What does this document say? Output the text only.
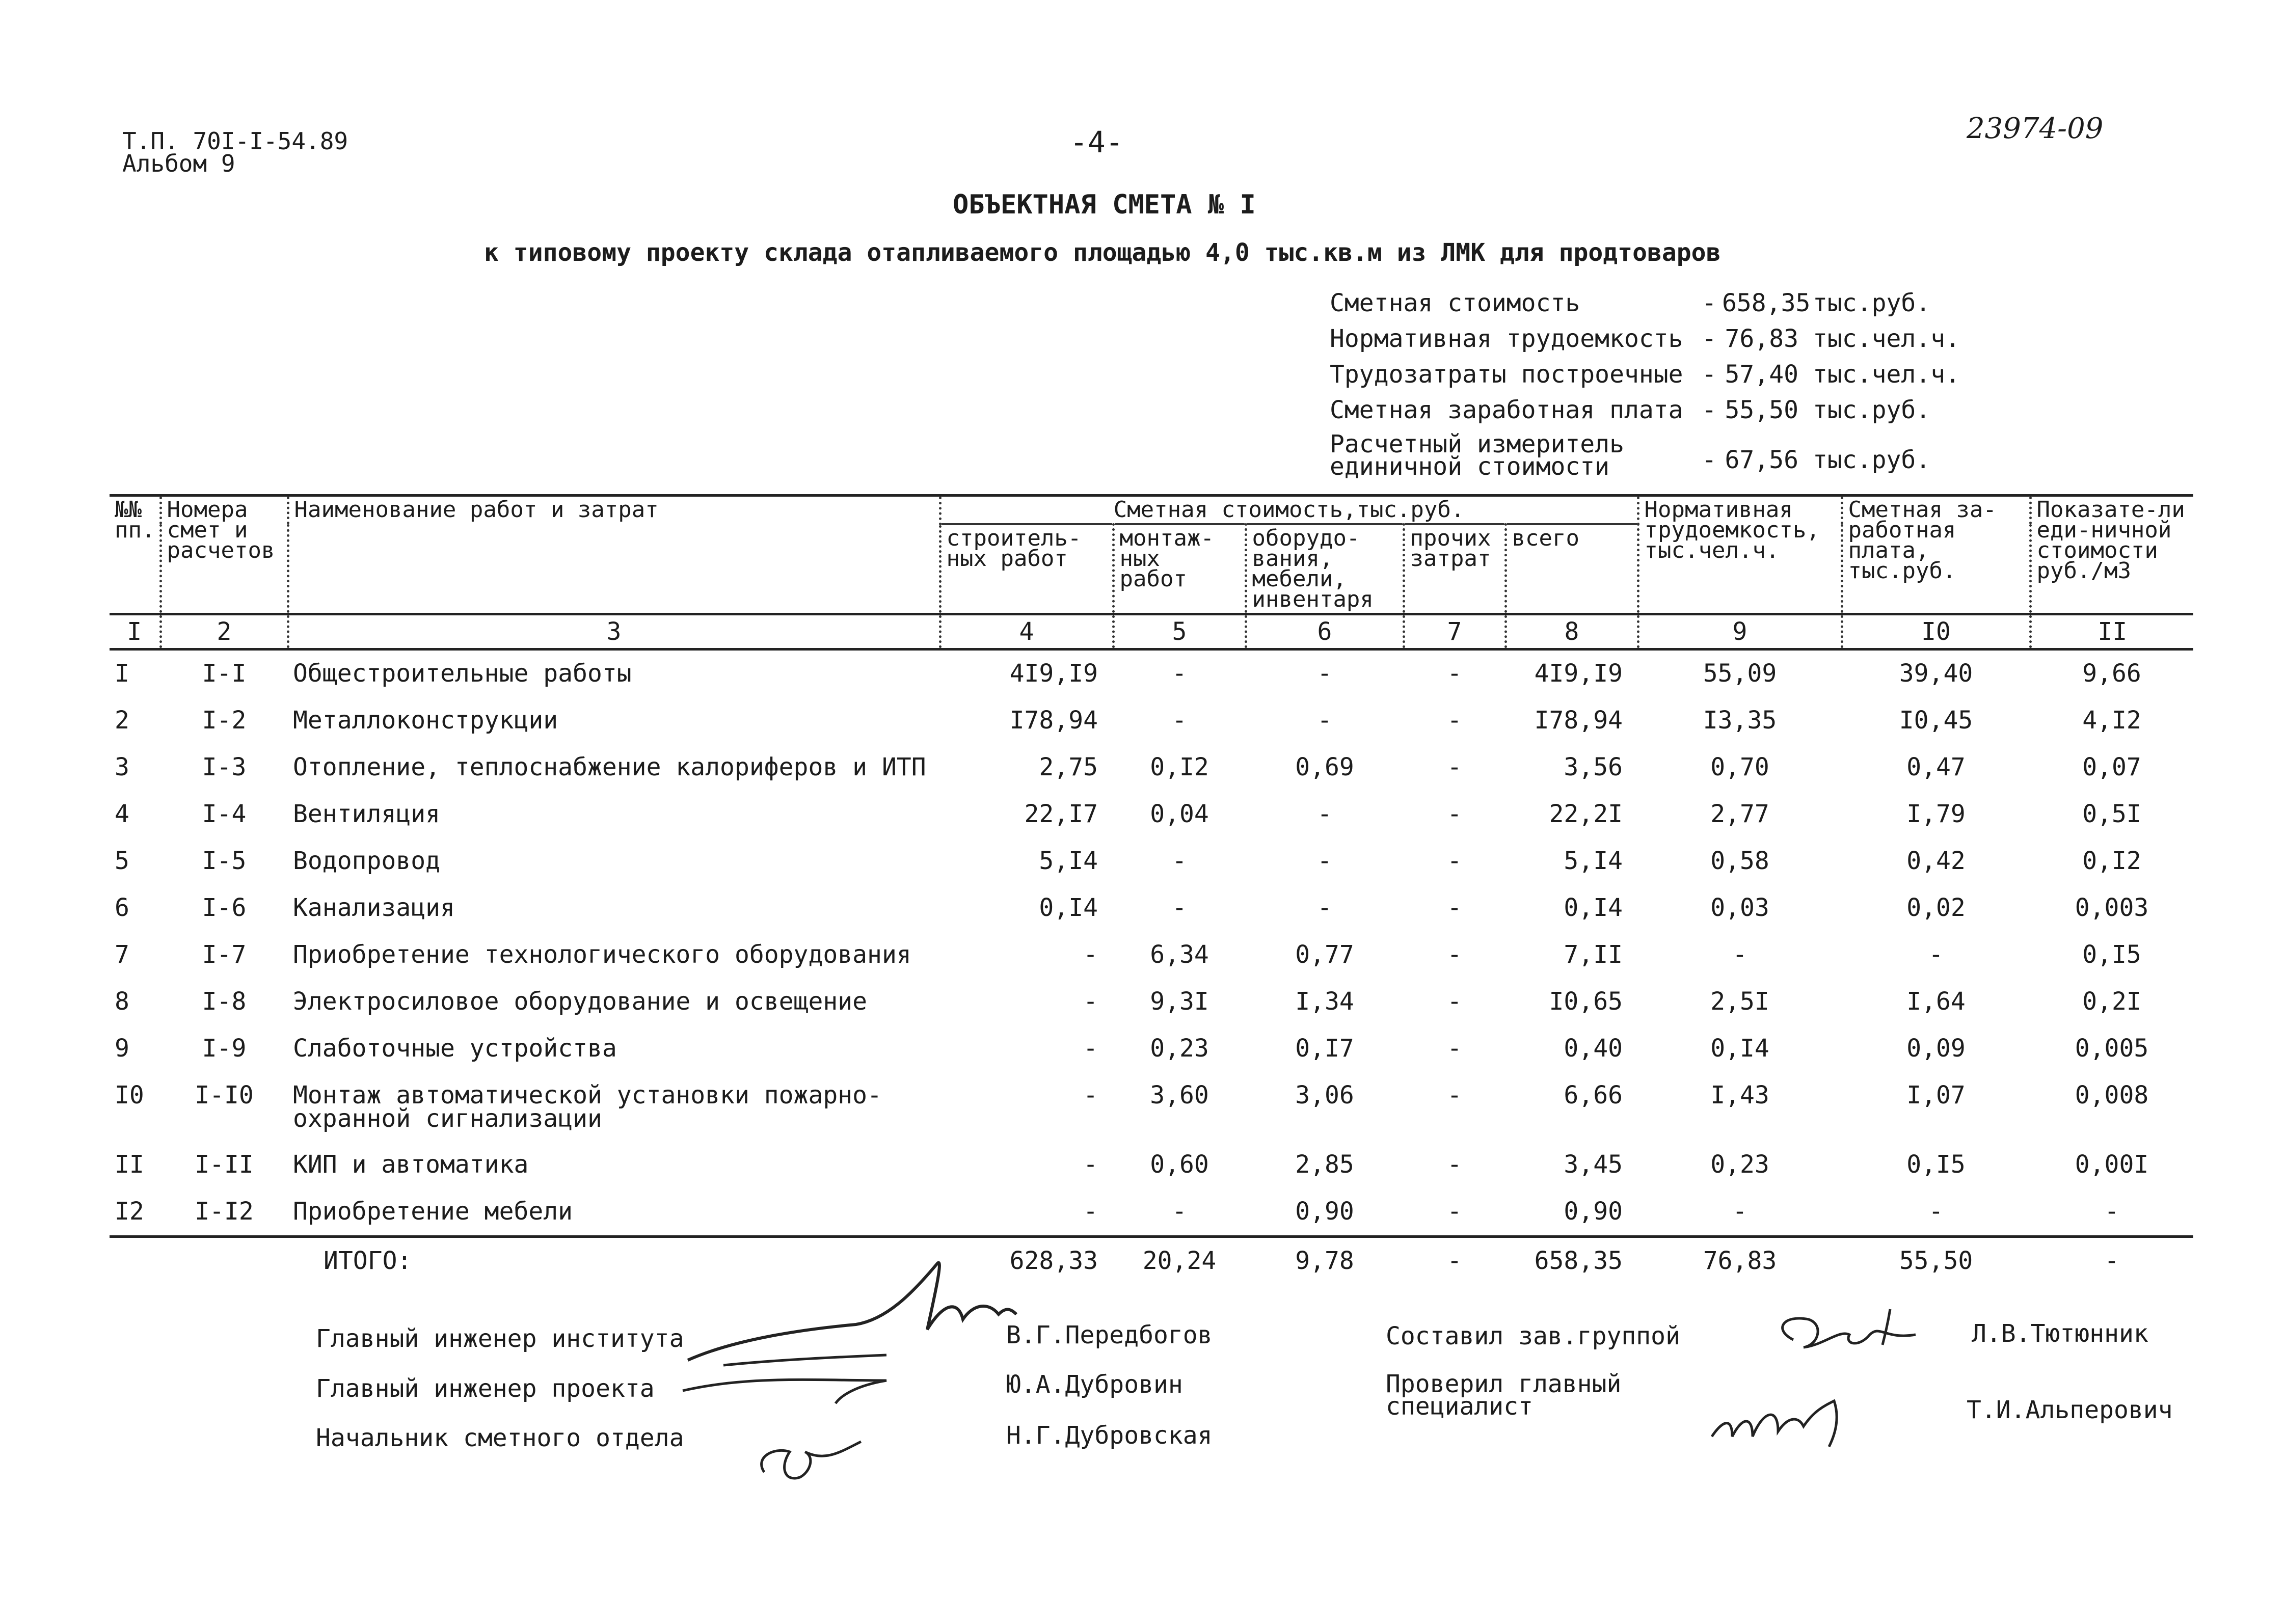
Т.П. 70I-I-54.89
Альбом 9
-4-	23974-09
ОБЪЕКТНАЯ СМЕТА № I
к типовому проекту склада отапливаемого площадью 4,0 тыс.кв.м из ЛМК для продтоваров
Сметная стоимость	- 658,35 тыс.руб.
Нормативная трудоемкость - 76,83 тыс.чел.ч.
Трудозатраты построечные - 57,40 тыс.чел.ч.
Сметная заработная плата - 55,50 тыс.руб.
Расчетный измеритель
единичной стоимости	- 67,56 тыс.руб.
№№ пп.	Номера смет и расчетов	Наименование работ и затрат	Сметная стоимость,тыс.руб.					Нормативная трудоемкость, тыс.чел.ч.	Сметная за-работная плата, тыс.руб.	Показате-ли еди-ничной стоимости руб./м3
			строитель-ных работ	монтаж-ных работ	оборудо-вания, мебели, инвентаря	прочих затрат	всего			
I	2	3	4	5	6	7	8	9	I0	II
I	I-I	Общестроительные работы	4I9,I9	-	-	-	4I9,I9	55,09	39,40	9,66
2	I-2	Металлоконструкции	I78,94	-	-	-	I78,94	I3,35	I0,45	4,I2
3	I-3	Отопление, теплоснабжение калориферов и ИТП	2,75	0,I2	0,69	-	3,56	0,70	0,47	0,07
4	I-4	Вентиляция	22,I7	0,04	-	-	22,2I	2,77	I,79	0,5I
5	I-5	Водопровод	5,I4	-	-	-	5,I4	0,58	0,42	0,I2
6	I-6	Канализация	0,I4	-	-	-	0,I4	0,03	0,02	0,003
7	I-7	Приобретение технологического оборудования	-	6,34	0,77	-	7,II	-	-	0,I5
8	I-8	Электросиловое оборудование и освещение	-	9,3I	I,34	-	I0,65	2,5I	I,64	0,2I
9	I-9	Слаботочные устройства	-	0,23	0,I7	-	0,40	0,I4	0,09	0,005
I0	I-I0	Монтаж автоматической установки пожарно-охранной сигнализации	-	3,60	3,06	-	6,66	I,43	I,07	0,008
II	I-II	КИП и автоматика	-	0,60	2,85	-	3,45	0,23	0,I5	0,00I
I2	I-I2	Приобретение мебели	-	-	0,90	-	0,90	-	-	-
		ИТОГО:	628,33	20,24	9,78	-	658,35	76,83	55,50	-
Главный инженер института	В.Г.Передбогов
Главный инженер проекта	Ю.А.Дубровин
Начальник сметного отдела	Н.Г.Дубровская
Составил зав.группой	Л.В.Тютюнник
Проверил главный
специалист	Т.И.Альперович
